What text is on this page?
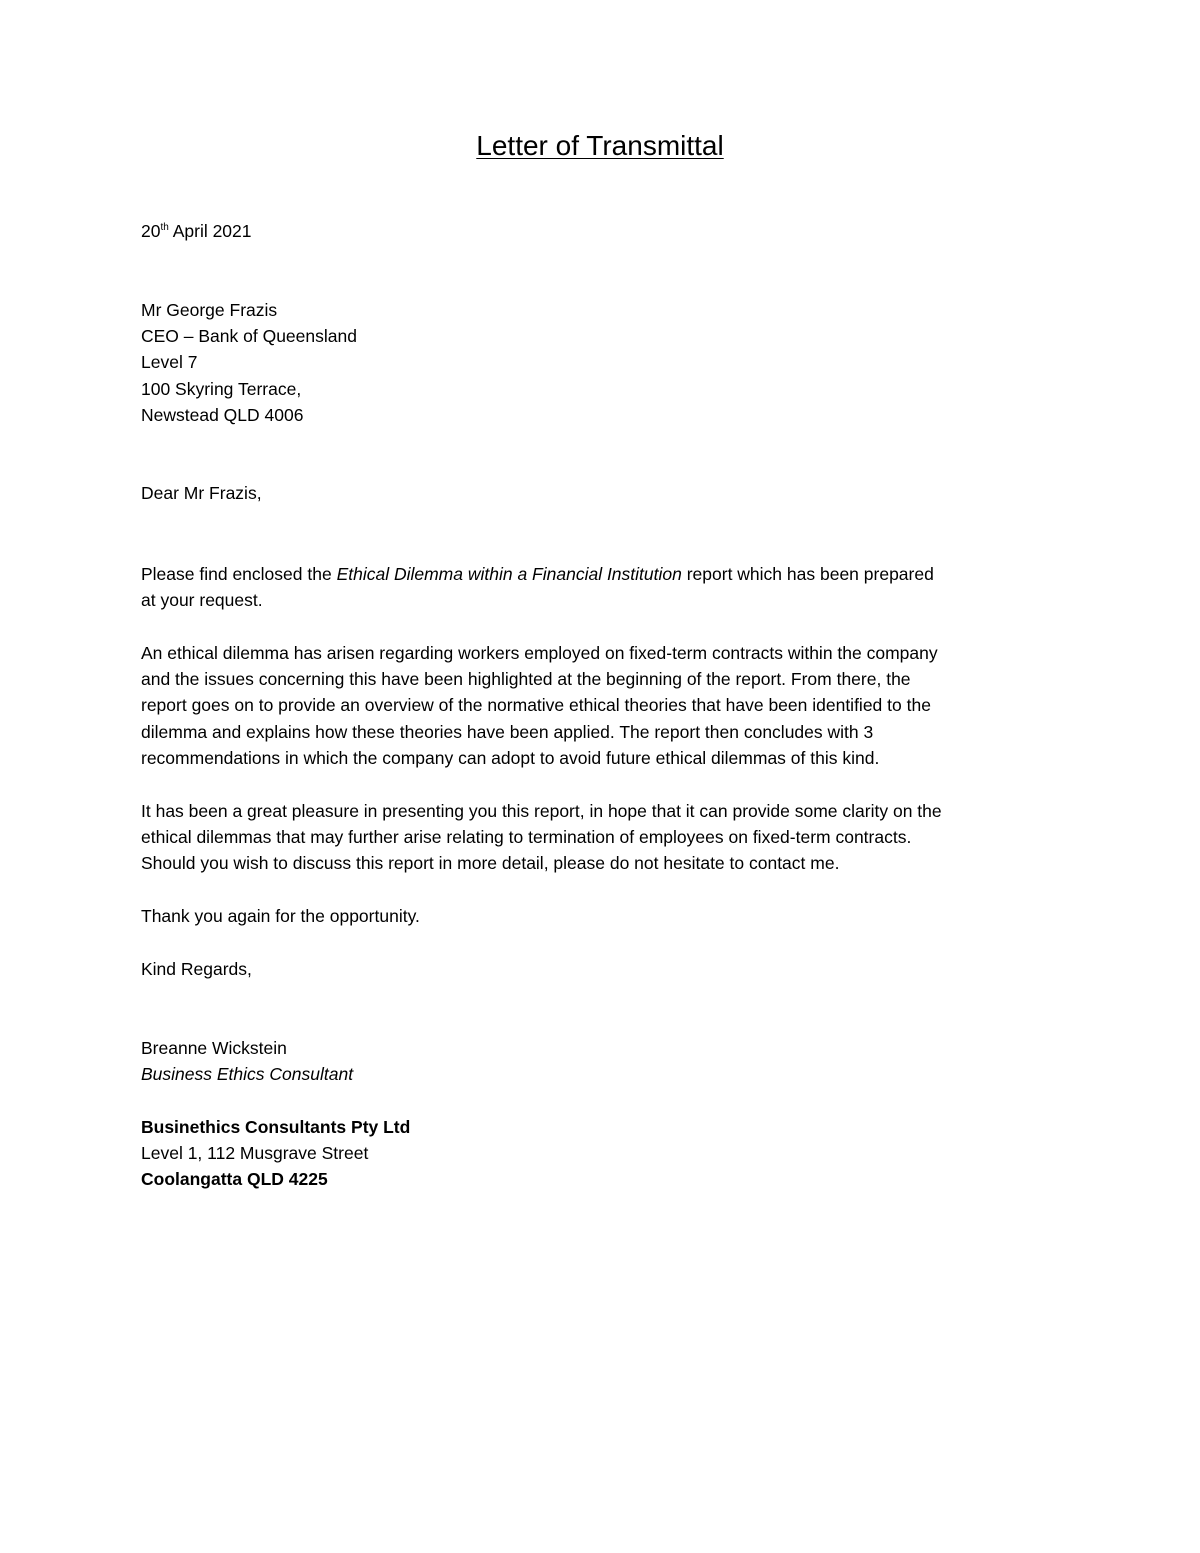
Letter of Transmittal
20th April 2021
Mr George Frazis
CEO – Bank of Queensland
Level 7
100 Skyring Terrace,
Newstead QLD 4006
Dear Mr Frazis,
Please find enclosed the Ethical Dilemma within a Financial Institution report which has been prepared
at your request.
An ethical dilemma has arisen regarding workers employed on fixed-term contracts within the company
and the issues concerning this have been highlighted at the beginning of the report. From there, the
report goes on to provide an overview of the normative ethical theories that have been identified to the
dilemma and explains how these theories have been applied. The report then concludes with 3
recommendations in which the company can adopt to avoid future ethical dilemmas of this kind.
It has been a great pleasure in presenting you this report, in hope that it can provide some clarity on the
ethical dilemmas that may further arise relating to termination of employees on fixed-term contracts.
Should you wish to discuss this report in more detail, please do not hesitate to contact me.
Thank you again for the opportunity.
Kind Regards,
Breanne Wickstein
Business Ethics Consultant
Businethics Consultants Pty Ltd
Level 1, 112 Musgrave Street
Coolangatta QLD 4225
